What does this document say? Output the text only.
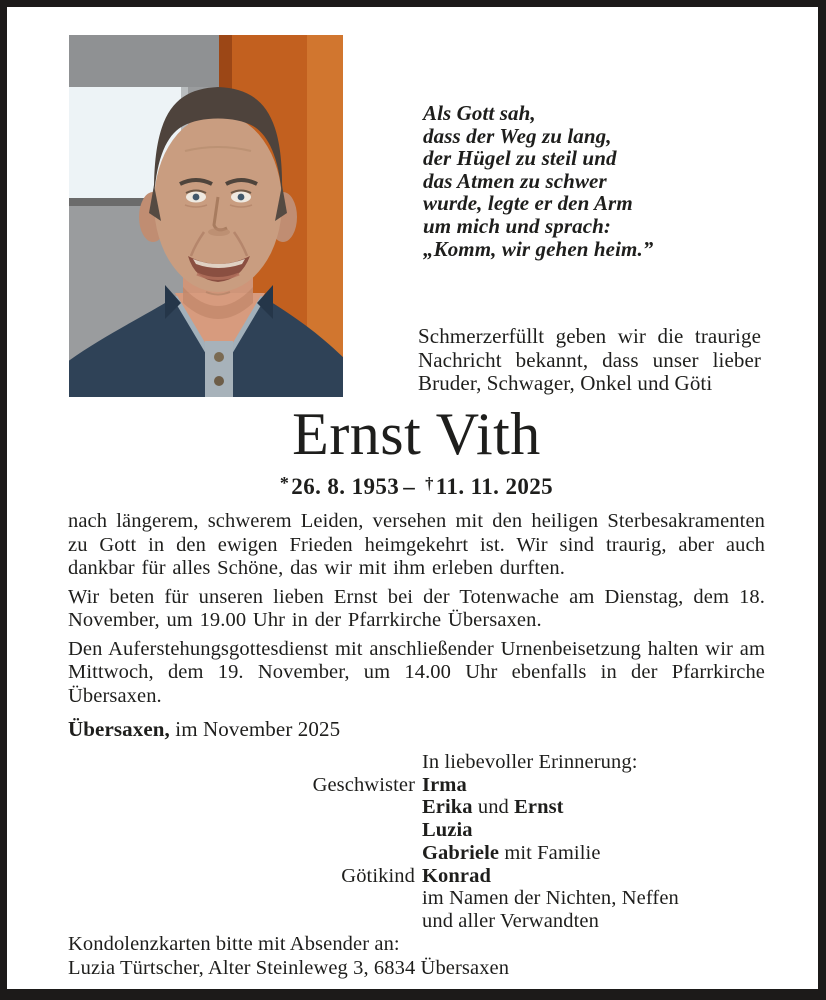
Als Gott sah,
dass der Weg zu lang,
der Hügel zu steil und
das Atmen zu schwer
wurde, legte er den Arm
um mich und sprach:
„Komm, wir gehen heim.”
Schmerzerfüllt geben wir die traurige Nachricht bekannt, dass unser lieber Bruder, Schwager, Onkel und Göti
Ernst Vith
*26. 8. 1953 – †11. 11. 2025

nach längerem, schwerem Leiden, versehen mit den heiligen Sterbesakramenten zu Gott in den ewigen Frieden heimgekehrt ist. Wir sind traurig, aber auch dankbar für alles Schöne, das wir mit ihm erleben durften.

Wir beten für unseren lieben Ernst bei der Totenwache am Dienstag, dem 18. November, um 19.00 Uhr in der Pfarrkirche Übersaxen.

Den Auferstehungsgottesdienst mit anschließender Urnenbeisetzung halten wir am Mittwoch, dem 19. November, um 14.00 Uhr ebenfalls in der Pfarrkirche Übersaxen.

Übersaxen, im November 2025
In liebevoller Erinnerung:
Geschwister Irma
Erika und Ernst
Luzia
Gabriele mit Familie
Götikind Konrad
im Namen der Nichten, Neffen
und aller Verwandten
Kondolenzkarten bitte mit Absender an:
Luzia Türtscher, Alter Steinleweg 3, 6834 Übersaxen
